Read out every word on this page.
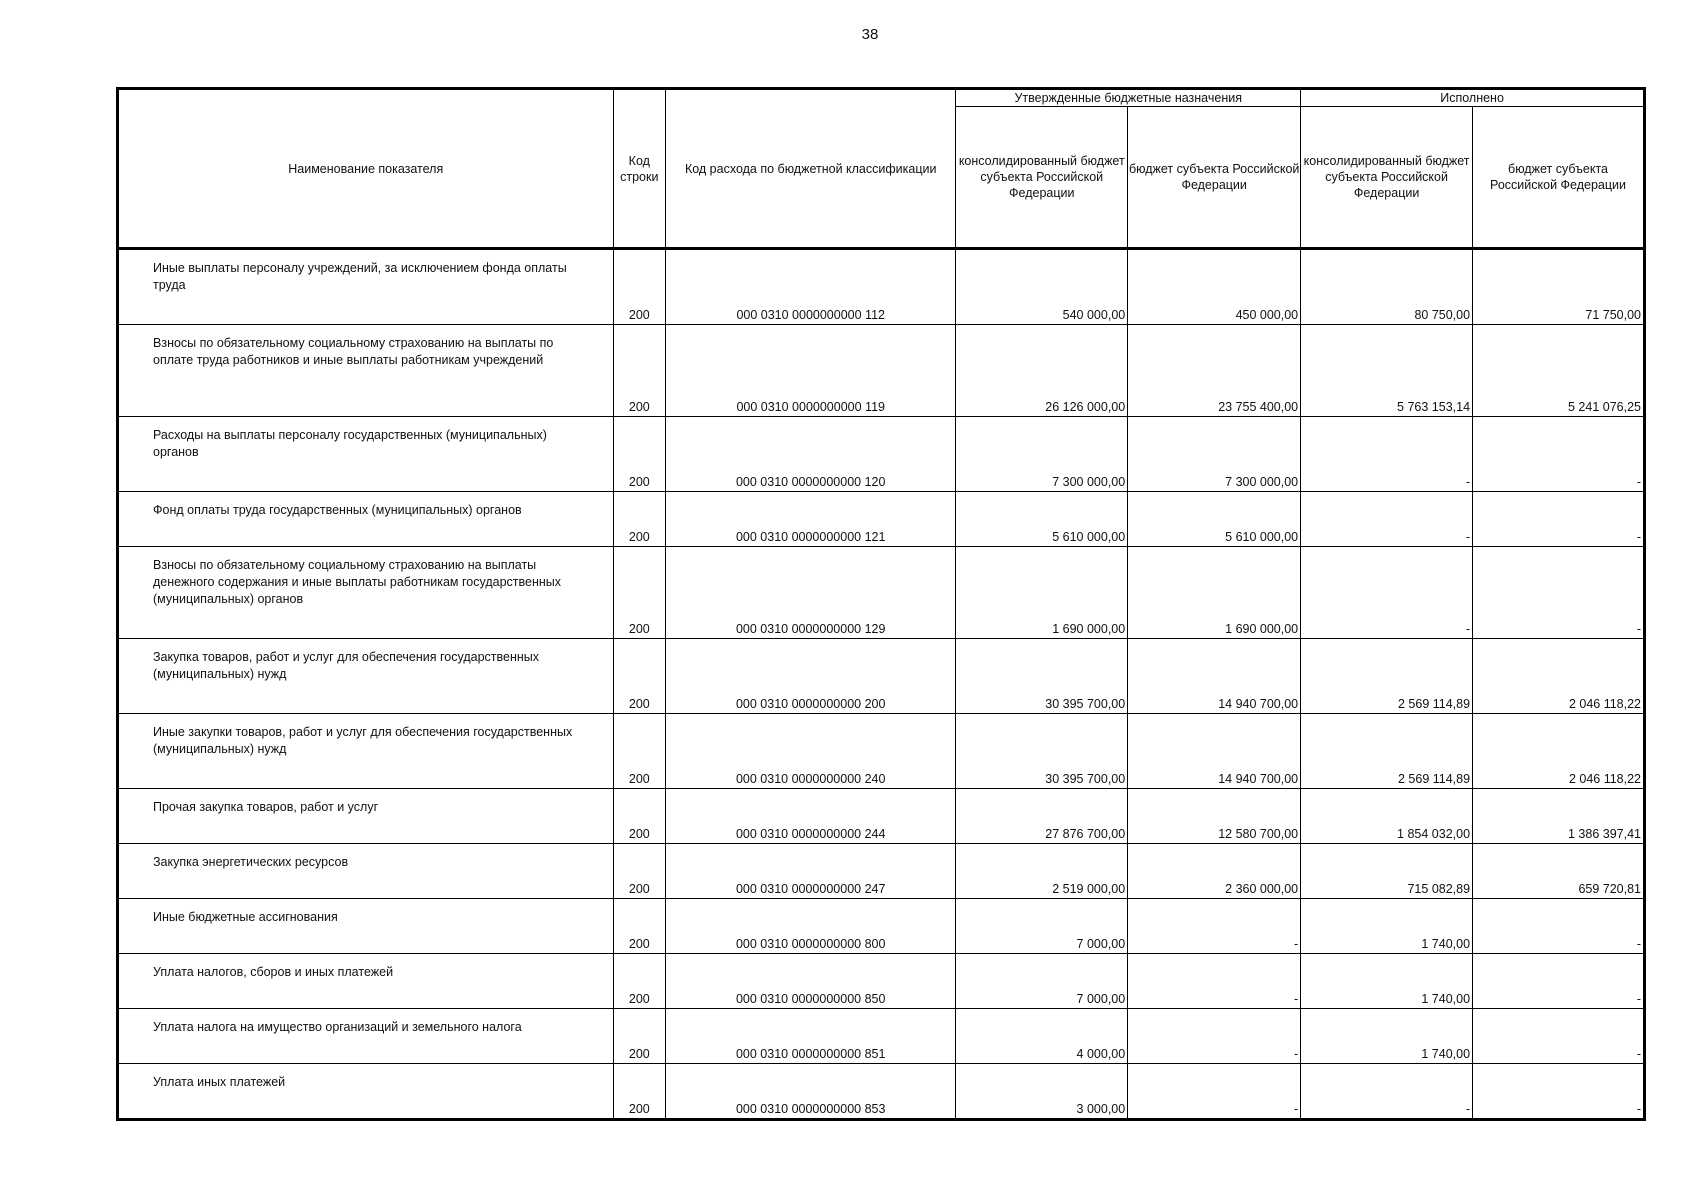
38
Наименование показателя	Код строки	Код расхода по бюджетной классификации	Утвержденные бюджетные назначения		Исполнено	
			консолидированный бюджет субъекта Российской Федерации	бюджет субъекта Российской Федерации	консолидированный бюджет субъекта Российской Федерации	бюджет субъекта Российской Федерации

Иные выплаты персоналу учреждений, за исключением фонда оплаты труда	200	000 0310 0000000000 112	540 000,00	450 000,00	80 750,00	71 750,00

Взносы по обязательному социальному страхованию на выплаты по оплате труда работников и иные выплаты работникам учреждений	200	000 0310 0000000000 119	26 126 000,00	23 755 400,00	5 763 153,14	5 241 076,25

Расходы на выплаты персоналу государственных (муниципальных) органов	200	000 0310 0000000000 120	7 300 000,00	7 300 000,00	-	-

Фонд оплаты труда государственных (муниципальных) органов	200	000 0310 0000000000 121	5 610 000,00	5 610 000,00	-	-

Взносы по обязательному социальному страхованию на выплаты денежного содержания и иные выплаты работникам государственных (муниципальных) органов	200	000 0310 0000000000 129	1 690 000,00	1 690 000,00	-	-

Закупка товаров, работ и услуг для обеспечения государственных (муниципальных) нужд	200	000 0310 0000000000 200	30 395 700,00	14 940 700,00	2 569 114,89	2 046 118,22

Иные закупки товаров, работ и услуг для обеспечения государственных (муниципальных) нужд	200	000 0310 0000000000 240	30 395 700,00	14 940 700,00	2 569 114,89	2 046 118,22

Прочая закупка товаров, работ и услуг	200	000 0310 0000000000 244	27 876 700,00	12 580 700,00	1 854 032,00	1 386 397,41

Закупка энергетических ресурсов	200	000 0310 0000000000 247	2 519 000,00	2 360 000,00	715 082,89	659 720,81

Иные бюджетные ассигнования	200	000 0310 0000000000 800	7 000,00	-	1 740,00	-

Уплата налогов, сборов и иных платежей	200	000 0310 0000000000 850	7 000,00	-	1 740,00	-

Уплата налога на имущество организаций и земельного налога	200	000 0310 0000000000 851	4 000,00	-	1 740,00	-

Уплата иных платежей	200	000 0310 0000000000 853	3 000,00	-	-	-
